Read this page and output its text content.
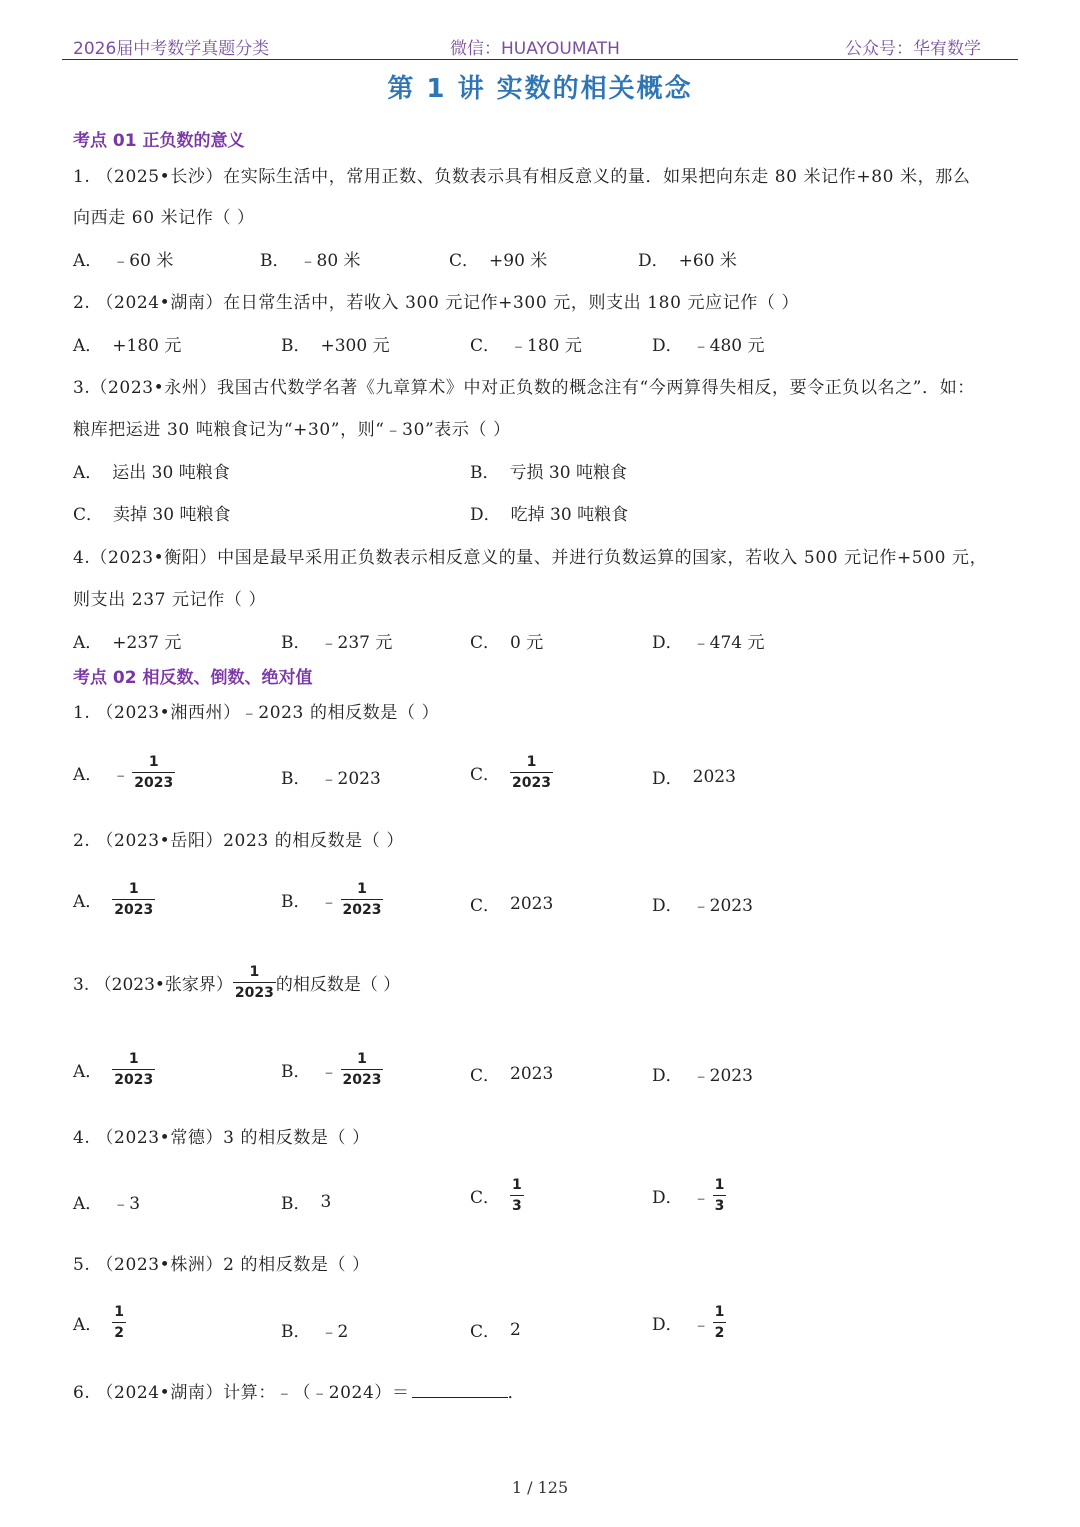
2026届中考数学真题分类	微信：HUAYOUMATH	公众号：华宥数学
第 1 讲 实数的相关概念
考点 01 正负数的意义
1. （2025•长沙）在实际生活中，常用正数、负数表示具有相反意义的量．如果把向东走 80 米记作+80 米，那么
向西走 60 米记作（ ）
A． ﹣60 米	B． ﹣80 米	C． +90 米	D． +60 米
2. （2024•湖南）在日常生活中，若收入 300 元记作+300 元，则支出 180 元应记作（ ）
A． +180 元	B． +300 元	C． ﹣180 元	D． ﹣480 元
3.（2023•永州）我国古代数学名著《九章算术》中对正负数的概念注有“今两算得失相反，要令正负以名之”．如：
粮库把运进 30 吨粮食记为“+30”，则“﹣30”表示（ ）
A． 运出 30 吨粮食	B． 亏损 30 吨粮食
C． 卖掉 30 吨粮食	D． 吃掉 30 吨粮食
4.（2023•衡阳）中国是最早采用正负数表示相反意义的量、并进行负数运算的国家，若收入 500 元记作+500 元，
则支出 237 元记作（ ）
A． +237 元	B． ﹣237 元	C． 0 元	D． ﹣474 元
考点 02 相反数、倒数、绝对值
1. （2023•湘西州）﹣2023 的相反数是（ ）
A． ﹣ $\frac{1}{2023}$	B． ﹣2023	C． $\frac{1}{2023}$	D． 2023
2. （2023•岳阳）2023 的相反数是（ ）
A． $\frac{1}{2023}$	B． ﹣ $\frac{1}{2023}$	C． 2023	D． ﹣2023
3. （2023•张家界） $\frac{1}{2023}$ 的相反数是（ ）
A． $\frac{1}{2023}$	B． ﹣ $\frac{1}{2023}$	C． 2023	D． ﹣2023
4. （2023•常德）3 的相反数是（ ）
A． ﹣3	B． 3	C． $\frac{1}{3}$	D． ﹣ $\frac{1}{3}$
5. （2023•株洲）2 的相反数是（ ）
A． $\frac{1}{2}$	B． ﹣2	C． 2	D． ﹣ $\frac{1}{2}$
6. （2024•湖南）计算：﹣（﹣2024）＝	．
1 / 125
